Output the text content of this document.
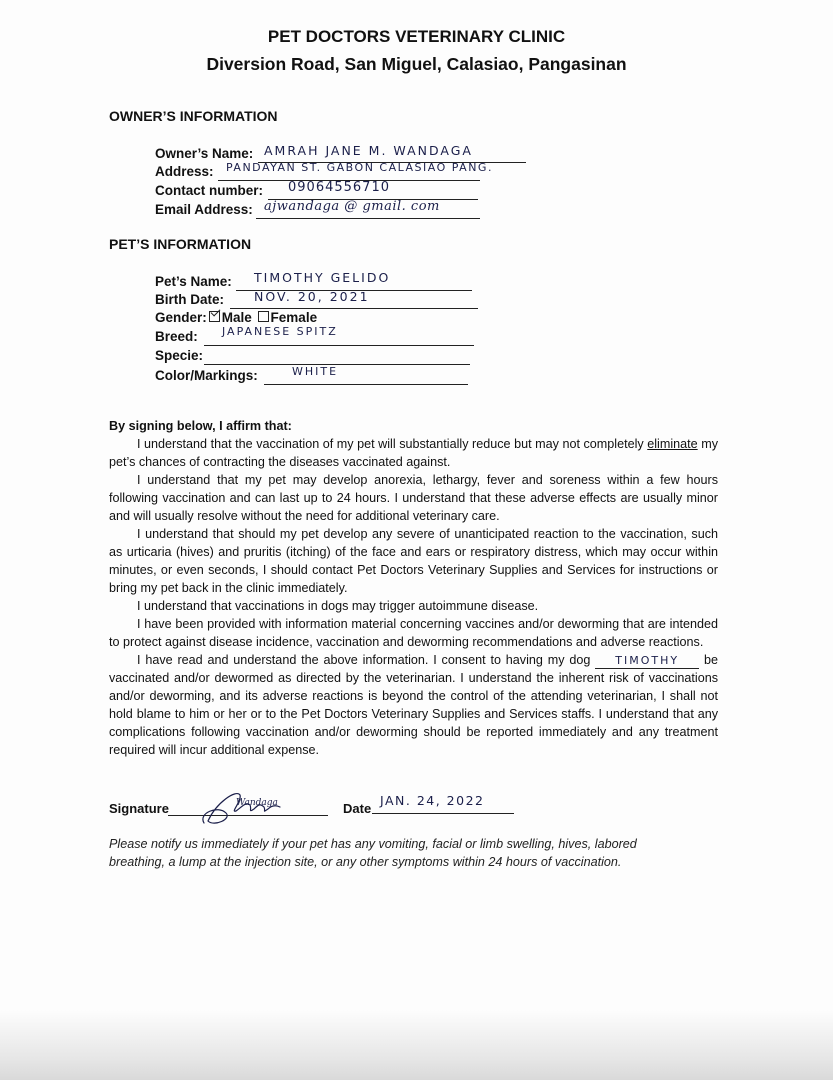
PET DOCTORS VETERINARY CLINIC
Diversion Road, San Miguel, Calasiao, Pangasinan
OWNER’S INFORMATION
Owner’s Name: AMRAH JANE M. WANDAGA
Address: PANDAYAN ST. GABON CALASIAO PANG.
Contact number: 09064556710
Email Address: ajwandaga @ gmail. com
PET’S INFORMATION
Pet’s Name: TIMOTHY GELIDO
Birth Date: NOV. 20, 2021
Gender: Male Female
Breed: JAPANESE SPITZ
Specie:
Color/Markings:	WHITE

By signing below, I affirm that:

I understand that the vaccination of my pet will substantially reduce but may not completely eliminate my pet’s chances of contracting the diseases vaccinated against.

I understand that my pet may develop anorexia, lethargy, fever and soreness within a few hours following vaccination and can last up to 24 hours. I understand that these adverse effects are usually minor and will usually resolve without the need for additional veterinary care.

I understand that should my pet develop any severe of unanticipated reaction to the vaccination, such as urticaria (hives) and pruritis (itching) of the face and ears or respiratory distress, which may occur within minutes, or even seconds, I should contact Pet Doctors Veterinary Supplies and Services for instructions or bring my pet back in the clinic immediately.

I understand that vaccinations in dogs may trigger autoimmune disease.

I have been provided with information material concerning vaccines and/or deworming that are intended to protect against disease incidence, vaccination and deworming recommendations and adverse reactions.

I have read and understand the above information. I consent to having my dog TIMOTHY be vaccinated and/or dewormed as directed by the veterinarian. I understand the inherent risk of vaccinations and/or deworming, and its adverse reactions is beyond the control of the attending veterinarian, I shall not hold blame to him or her or to the Pet Doctors Veterinary Supplies and Services staffs. I understand that any complications following vaccination and/or deworming should be reported immediately and any treatment required will incur additional expense.

Signature	Wandaga	Date
JAN. 24, 2022
Please notify us immediately if your pet has any vomiting, facial or limb swelling, hives, labored breathing, a lump at the injection site, or any other symptoms within 24 hours of vaccination.
